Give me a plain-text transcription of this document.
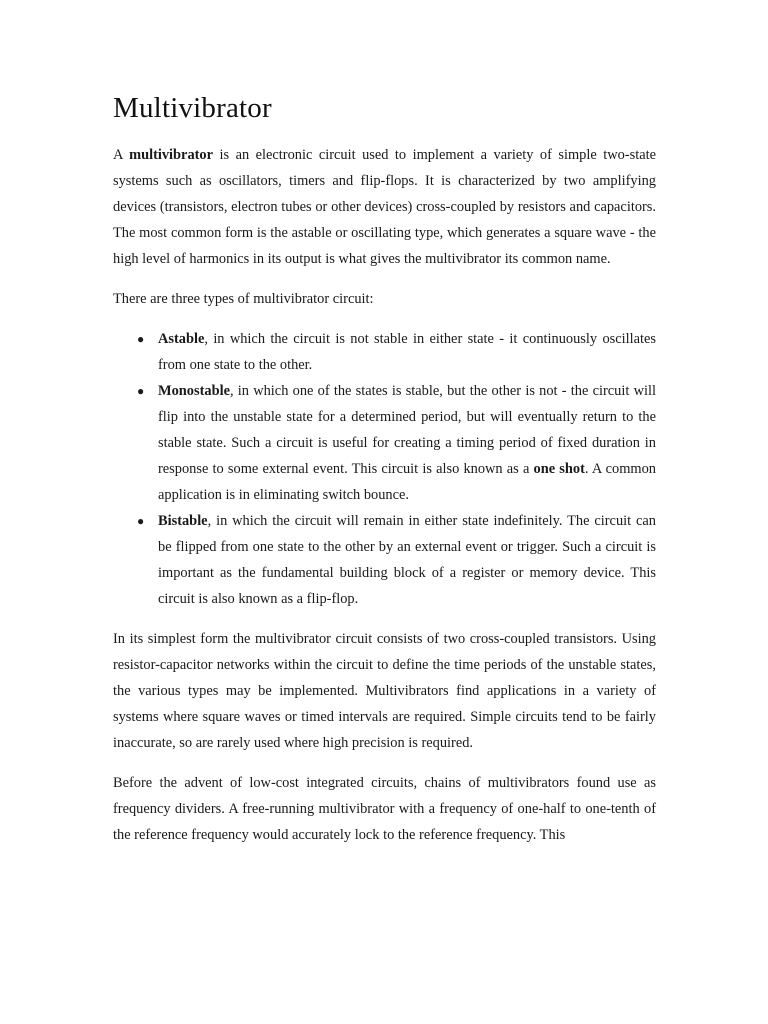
Multivibrator

A multivibrator is an electronic circuit used to implement a variety of simple two-state systems such as oscillators, timers and flip-flops. It is characterized by two amplifying devices (transistors, electron tubes or other devices) cross-coupled by resistors and capacitors. The most common form is the astable or oscillating type, which generates a square wave - the high level of harmonics in its output is what gives the multivibrator its common name.

There are three types of multivibrator circuit:

● Astable, in which the circuit is not stable in either state - it continuously oscillates from one state to the other.
● Monostable, in which one of the states is stable, but the other is not - the circuit will flip into the unstable state for a determined period, but will eventually return to the stable state. Such a circuit is useful for creating a timing period of fixed duration in response to some external event. This circuit is also known as a one shot. A common application is in eliminating switch bounce.
● Bistable, in which the circuit will remain in either state indefinitely. The circuit can be flipped from one state to the other by an external event or trigger. Such a circuit is important as the fundamental building block of a register or memory device. This circuit is also known as a flip-flop.

In its simplest form the multivibrator circuit consists of two cross-coupled transistors. Using resistor-capacitor networks within the circuit to define the time periods of the unstable states, the various types may be implemented. Multivibrators find applications in a variety of systems where square waves or timed intervals are required. Simple circuits tend to be fairly inaccurate, so are rarely used where high precision is required.

Before the advent of low-cost integrated circuits, chains of multivibrators found use as frequency dividers. A free-running multivibrator with a frequency of one-half to one-tenth of the reference frequency would accurately lock to the reference frequency. This
